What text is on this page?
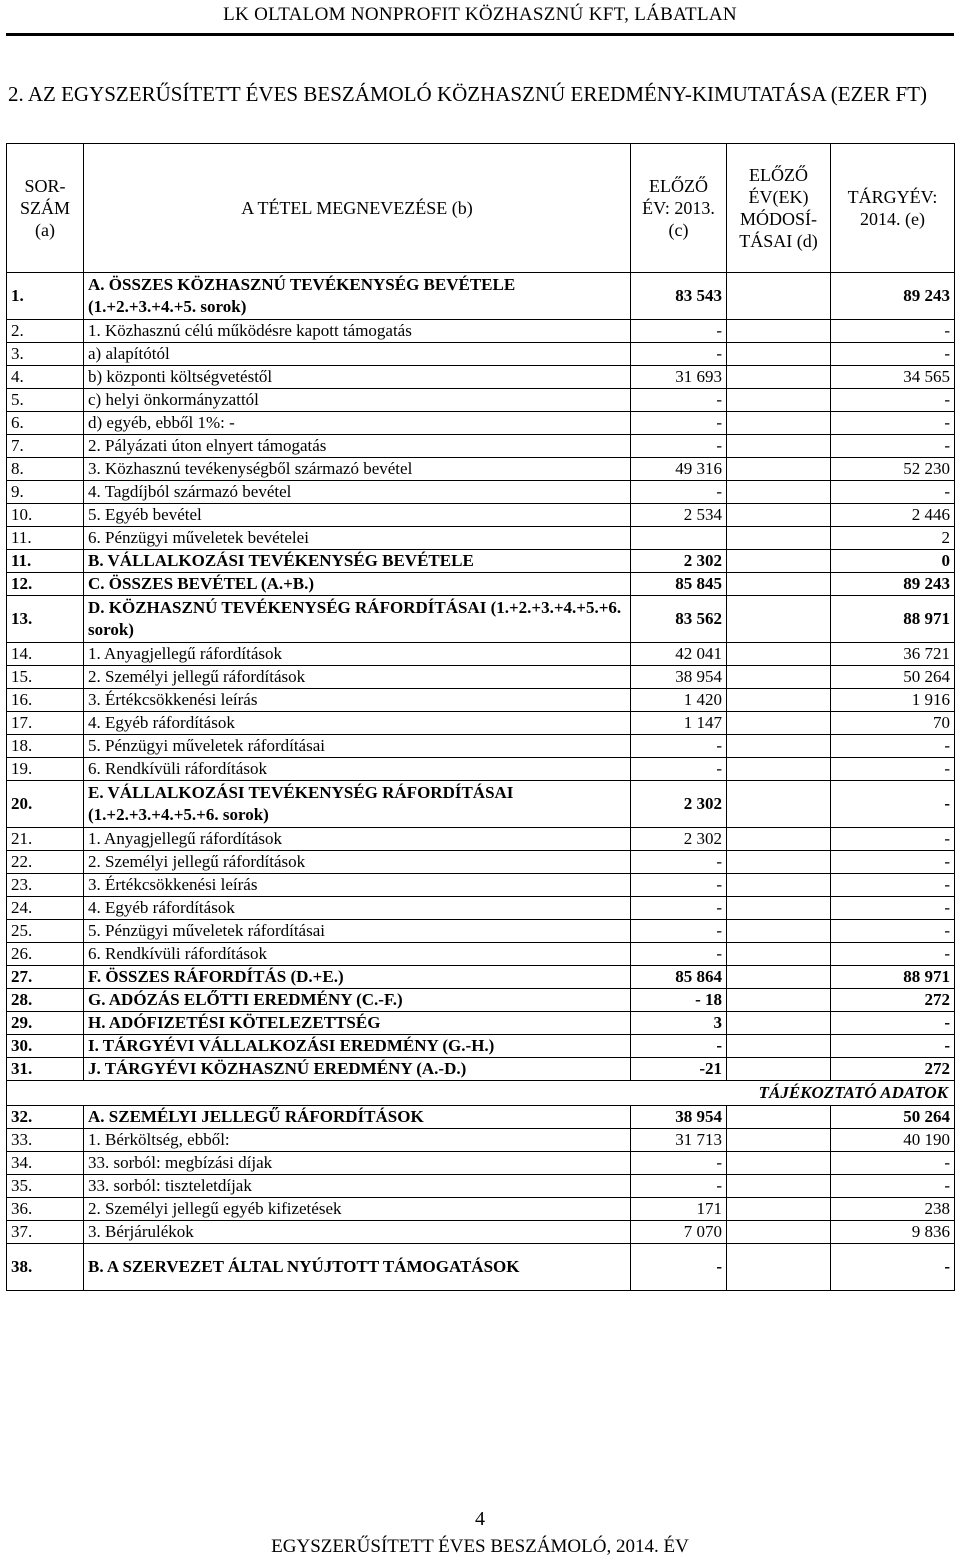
LK OLTALOM NONPROFIT KÖZHASZNÚ KFT, LÁBATLAN
2. AZ EGYSZERŰSÍTETT ÉVES BESZÁMOLÓ KÖZHASZNÚ EREDMÉNY-KIMUTATÁSA (EZER FT)
SOR-SZÁM (a)	A TÉTEL MEGNEVEZÉSE (b)	ELŐZŐ ÉV: 2013. (c)	ELŐZŐ ÉV(EK) MÓDOSÍ-TÁSAI (d)	TÁRGYÉV: 2014. (e)
1.	A. ÖSSZES KÖZHASZNÚ TEVÉKENYSÉG BEVÉTELE (1.+2.+3.+4.+5. sorok)	83 543		89 243
2.	1. Közhasznú célú működésre kapott támogatás	-		-
3.	a) alapítótól	-		-
4.	b) központi költségvetéstől	31 693		34 565
5.	c) helyi önkormányzattól	-		-
6.	d) egyéb, ebből 1%: -	-		-
7.	2. Pályázati úton elnyert támogatás	-		-
8.	3. Közhasznú tevékenységből származó bevétel	49 316		52 230
9.	4. Tagdíjból származó bevétel	-		-
10.	5. Egyéb bevétel	2 534		2 446
11.	6. Pénzügyi műveletek bevételei			2
11.	B. VÁLLALKOZÁSI TEVÉKENYSÉG BEVÉTELE	2 302		0
12.	C. ÖSSZES BEVÉTEL (A.+B.)	85 845		89 243
13.	D. KÖZHASZNÚ TEVÉKENYSÉG RÁFORDÍTÁSAI (1.+2.+3.+4.+5.+6. sorok)	83 562		88 971
14.	1. Anyagjellegű ráfordítások	42 041		36 721
15.	2. Személyi jellegű ráfordítások	38 954		50 264
16.	3. Értékcsökkenési leírás	1 420		1 916
17.	4. Egyéb ráfordítások	1 147		70
18.	5. Pénzügyi műveletek ráfordításai	-		-
19.	6. Rendkívüli ráfordítások	-		-
20.	E. VÁLLALKOZÁSI TEVÉKENYSÉG RÁFORDÍTÁSAI (1.+2.+3.+4.+5.+6. sorok)	2 302		-
21.	1. Anyagjellegű ráfordítások	2 302		-
22.	2. Személyi jellegű ráfordítások	-		-
23.	3. Értékcsökkenési leírás	-		-
24.	4. Egyéb ráfordítások	-		-
25.	5. Pénzügyi műveletek ráfordításai	-		-
26.	6. Rendkívüli ráfordítások	-		-
27.	F. ÖSSZES RÁFORDÍTÁS (D.+E.)	85 864		88 971
28.	G. ADÓZÁS ELŐTTI EREDMÉNY (C.-F.)	- 18		272
29.	H. ADÓFIZETÉSI KÖTELEZETTSÉG	3		-
30.	I. TÁRGYÉVI VÁLLALKOZÁSI EREDMÉNY (G.-H.)	-		-
31.	J. TÁRGYÉVI KÖZHASZNÚ EREDMÉNY (A.-D.)	-21		272
TÁJÉKOZTATÓ ADATOK				
32.	A. SZEMÉLYI JELLEGŰ RÁFORDÍTÁSOK	38 954		50 264
33.	1. Bérköltség, ebből:	31 713		40 190
34.	33. sorból: megbízási díjak	-		-
35.	33. sorból: tiszteletdíjak	-		-
36.	2. Személyi jellegű egyéb kifizetések	171		238
37.	3. Bérjárulékok	7 070		9 836
38.	B. A SZERVEZET ÁLTAL NYÚJTOTT TÁMOGATÁSOK	-		-
4
EGYSZERŰSÍTETT ÉVES BESZÁMOLÓ, 2014. ÉV
